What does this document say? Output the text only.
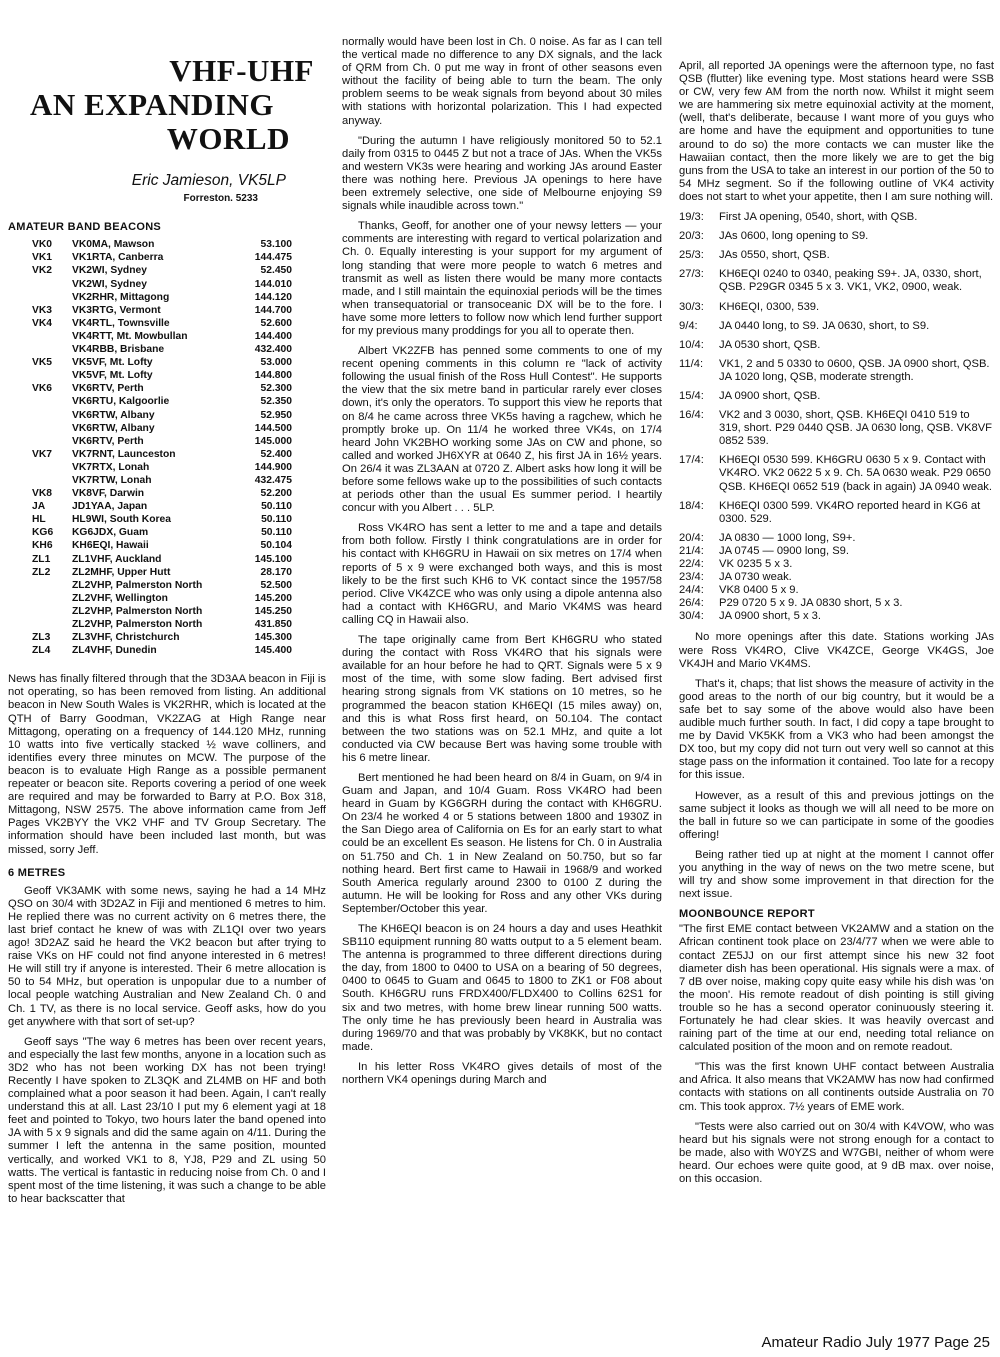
VHF-UHF
AN EXPANDING
WORLD
Eric Jamieson, VK5LP
Forreston. 5233
AMATEUR BAND BEACONS
VK0	VK0MA, Mawson	53.100
VK1	VK1RTA, Canberra	144.475
VK2	VK2WI, Sydney	52.450
	VK2WI, Sydney	144.010
	VK2RHR, Mittagong	144.120
VK3	VK3RTG, Vermont	144.700
VK4	VK4RTL, Townsville	52.600
	VK4RTT, Mt. Mowbullan	144.400
	VK4RBB, Brisbane	432.400
VK5	VK5VF, Mt. Lofty	53.000
	VK5VF, Mt. Lofty	144.800
VK6	VK6RTV, Perth	52.300
	VK6RTU, Kalgoorlie	52.350
	VK6RTW, Albany	52.950
	VK6RTW, Albany	144.500
	VK6RTV, Perth	145.000
VK7	VK7RNT, Launceston	52.400
	VK7RTX, Lonah	144.900
	VK7RTW, Lonah	432.475
VK8	VK8VF, Darwin	52.200
JA	JD1YAA, Japan	50.110
HL	HL9WI, South Korea	50.110
KG6	KG6JDX, Guam	50.110
KH6	KH6EQI, Hawaii	50.104
ZL1	ZL1VHF, Auckland	145.100
ZL2	ZL2MHF, Upper Hutt	28.170
	ZL2VHP, Palmerston North	52.500
	ZL2VHF, Wellington	145.200
	ZL2VHP, Palmerston North	145.250
	ZL2VHP, Palmerston North	431.850
ZL3	ZL3VHF, Christchurch	145.300
ZL4	ZL4VHF, Dunedin	145.400

News has finally filtered through that the 3D3AA beacon in Fiji is not operating, so has been removed from listing. An additional beacon in New South Wales is VK2RHR, which is located at the QTH of Barry Goodman, VK2ZAG at High Range near Mittagong, operating on a frequency of 144.120 MHz, running 10 watts into five vertically stacked ½ wave colliners, and identifies every three minutes on MCW. The purpose of the beacon is to evaluate High Range as a possible permanent repeater or beacon site. Reports covering a period of one week are required and may be forwarded to Barry at P.O. Box 318, Mittagong, NSW 2575. The above information came from Jeff Pages VK2BYY the VK2 VHF and TV Group Secretary. The information should have been included last month, but was missed, sorry Jeff.

6 METRES

Geoff VK3AMK with some news, saying he had a 14 MHz QSO on 30/4 with 3D2AZ in Fiji and mentioned 6 metres to him. He replied there was no current activity on 6 metres there, the last brief contact he knew of was with ZL1QI over two years ago! 3D2AZ said he heard the VK2 beacon but after trying to raise VKs on HF could not find anyone interested in 6 metres! He will still try if anyone is interested. Their 6 metre allocation is 50 to 54 MHz, but operation is unpopular due to a number of local people watching Australian and New Zealand Ch. 0 and Ch. 1 TV, as there is no local service. Geoff asks, how do you get anywhere with that sort of set-up?

Geoff says "The way 6 metres has been over recent years, and especially the last few months, anyone in a location such as 3D2 who has not been working DX has not been trying! Recently I have spoken to ZL3QK and ZL4MB on HF and both complained what a poor season it had been. Again, I can't really understand this at all. Last 23/10 I put my 6 element yagi at 18 feet and pointed to Tokyo, two hours later the band opened into JA with 5 x 9 signals and did the same again on 4/11. During the summer I left the antenna in the same position, mounted vertically, and worked VK1 to 8, YJ8, P29 and ZL using 50 watts. The vertical is fantastic in reducing noise from Ch. 0 and I spent most of the time listening, it was such a change to be able to hear backscatter that

normally would have been lost in Ch. 0 noise. As far as I can tell the vertical made no difference to any DX signals, and the lack of QRM from Ch. 0 put me way in front of other seasons even without the facility of being able to turn the beam. The only problem seems to be weak signals from beyond about 30 miles with stations with horizontal polarization. This I had expected anyway.

"During the autumn I have religiously monitored 50 to 52.1 daily from 0315 to 0445 Z but not a trace of JAs. When the VK5s and western VK3s were hearing and working JAs around Easter there was nothing here. Previous JA openings to here have been extremely selective, one side of Melbourne enjoying S9 signals while inaudible across town."

Thanks, Geoff, for another one of your newsy letters — your comments are interesting with regard to vertical polarization and Ch. 0. Equally interesting is your support for my argument of long standing that were more people to watch 6 metres and transmit as well as listen there would be many more contacts made, and I still maintain the equinoxial periods will be the times when transequatorial or transoceanic DX will be to the fore. I have some more letters to follow now which lend further support for my previous many proddings for you all to operate then.

Albert VK2ZFB has penned some comments to one of my recent opening comments in this column re "lack of activity following the usual finish of the Ross Hull Contest". He supports the view that the six metre band in particular rarely ever closes down, it's only the operators. To support this view he reports that on 8/4 he came across three VK5s having a ragchew, which he promptly broke up. On 11/4 he worked three VK4s, on 17/4 heard John VK2BHO working some JAs on CW and phone, so called and worked JH6XYR at 0640 Z, his first JA in 16½ years. On 26/4 it was ZL3AAN at 0720 Z. Albert asks how long it will be before some fellows wake up to the possibilities of such contacts at periods other than the usual Es summer period. I heartily concur with you Albert . . . 5LP.

Ross VK4RO has sent a letter to me and a tape and details from both follow. Firstly I think congratulations are in order for his contact with KH6GRU in Hawaii on six metres on 17/4 when reports of 5 x 9 were exchanged both ways, and this is most likely to be the first such KH6 to VK contact since the 1957/58 period. Clive VK4ZCE who was only using a dipole antenna also had a contact with KH6GRU, and Mario VK4MS was heard calling CQ in Hawaii also.

The tape originally came from Bert KH6GRU who stated during the contact with Ross VK4RO that his signals were available for an hour before he had to QRT. Signals were 5 x 9 most of the time, with some slow fading. Bert advised first hearing strong signals from VK stations on 10 metres, so he programmed the beacon station KH6EQI (15 miles away) on, and this is what Ross first heard, on 50.104. The contact between the two stations was on 52.1 MHz, and quite a lot conducted via CW because Bert was having some trouble with his 6 metre linear.

Bert mentioned he had been heard on 8/4 in Guam, on 9/4 in Guam and Japan, and 10/4 Guam. Ross VK4RO had been heard in Guam by KG6GRH during the contact with KH6GRU. On 23/4 he worked 4 or 5 stations between 1800 and 1930Z in the San Diego area of California on Es for an early start to what could be an excellent Es season. He listens for Ch. 0 in Australia on 51.750 and Ch. 1 in New Zealand on 50.750, but so far nothing heard. Bert first came to Hawaii in 1968/9 and worked South America regularly around 2300 to 0100 Z during the autumn. He will be looking for Ross and any other VKs during September/October this year.

The KH6EQI beacon is on 24 hours a day and uses Heathkit SB110 equipment running 80 watts output to a 5 element beam. The antenna is programmed to three different directions during the day, from 1800 to 0400 to USA on a bearing of 50 degrees, 0400 to 0645 to Guam and 0645 to 1800 to ZK1 or F08 about South. KH6GRU runs FRDX400/FLDX400 to Collins 62S1 for six and two metres, with home brew linear running 500 watts. The only time he has previously been heard in Australia was during 1969/70 and that was probably by VK8KK, but no contact made.

In his letter Ross VK4RO gives details of most of the northern VK4 openings during March and

April, all reported JA openings were the afternoon type, no fast QSB (flutter) like evening type. Most stations heard were SSB or CW, very few AM from the north now. Whilst it might seem we are hammering six metre equinoxial activity at the moment, (well, that's deliberate, because I want more of you guys who are home and have the equipment and opportunities to tune around to do so) the more contacts we can muster like the Hawaiian contact, then the more likely we are to get the big guns from the USA to take an interest in our portion of the 50 to 54 MHz segment. So if the following outline of VK4 activity does not start to whet your appetite, then I am sure nothing will.

19/3:	First JA opening, 0540, short, with QSB.
20/3:	JAs 0600, long opening to S9.
25/3:	JAs 0550, short, QSB.
27/3:	KH6EQI 0240 to 0340, peaking S9+. JA, 0330, short, QSB. P29GR 0345 5 x 3. VK1, VK2, 0900, weak.
30/3:	KH6EQI, 0300, 539.
9/4:	JA 0440 long, to S9. JA 0630, short, to S9.
10/4:	JA 0530 short, QSB.
11/4:	VK1, 2 and 5 0330 to 0600, QSB. JA 0900 short, QSB. JA 1020 long, QSB, moderate strength.
15/4:	JA 0900 short, QSB.
16/4:	VK2 and 3 0030, short, QSB. KH6EQI 0410 519 to 319, short. P29 0440 QSB. JA 0630 long, QSB. VK8VF 0852 539.
17/4:	KH6EQI 0530 599. KH6GRU 0630 5 x 9. Contact with VK4RO. VK2 0622 5 x 9. Ch. 5A 0630 weak. P29 0650 QSB. KH6EQI 0652 519 (back in again) JA 0940 weak.
18/4:	KH6EQI 0300 599. VK4RO reported heard in KG6 at 0300. 529.
20/4:	JA 0830 — 1000 long, S9+.
21/4:	JA 0745 — 0900 long, S9.
22/4:	VK 0235 5 x 3.
23/4:	JA 0730 weak.
24/4:	VK8 0400 5 x 9.
26/4:	P29 0720 5 x 9. JA 0830 short, 5 x 3.
30/4:	JA 0900 short, 5 x 3.

No more openings after this date. Stations working JAs were Ross VK4RO, Clive VK4ZCE, George VK4GS, Joe VK4JH and Mario VK4MS.

That's it, chaps; that list shows the measure of activity in the good areas to the north of our big country, but it would be a safe bet to say some of the above would also have been audible much further south. In fact, I did copy a tape brought to me by David VK5KK from a VK3 who had been amongst the DX too, but my copy did not turn out very well so cannot at this stage pass on the information it contained. Too late for a recopy for this issue.

However, as a result of this and previous jottings on the same subject it looks as though we will all need to be more on the ball in future so we can participate in some of the goodies offering!

Being rather tied up at night at the moment I cannot offer you anything in the way of news on the two metre scene, but will try and show some improvement in that direction for the next issue.

MOONBOUNCE REPORT

"The first EME contact between VK2AMW and a station on the African continent took place on 23/4/77 when we were able to contact ZE5JJ on our first attempt since his new 32 foot diameter dish has been operational. His signals were a max. of 7 dB over noise, making copy quite easy while his dish was 'on the moon'. His remote readout of dish pointing is still giving trouble so he has a second operator coninuously steering it. Fortunately he had clear skies. It was heavily overcast and raining part of the time at our end, needing total reliance on calculated position of the moon and on remote readout.

"This was the first known UHF contact between Australia and Africa. It also means that VK2AMW has now had confirmed contacts with stations on all continents outside Australia on 70 cm. This took approx. 7½ years of EME work.

"Tests were also carried out on 30/4 with K4VOW, who was heard but his signals were not strong enough for a contact to be made, also with W0YZS and W7GBI, neither of whom were heard. Our echoes were quite good, at 9 dB max. over noise, on this occasion.

Amateur Radio July 1977 Page 25
